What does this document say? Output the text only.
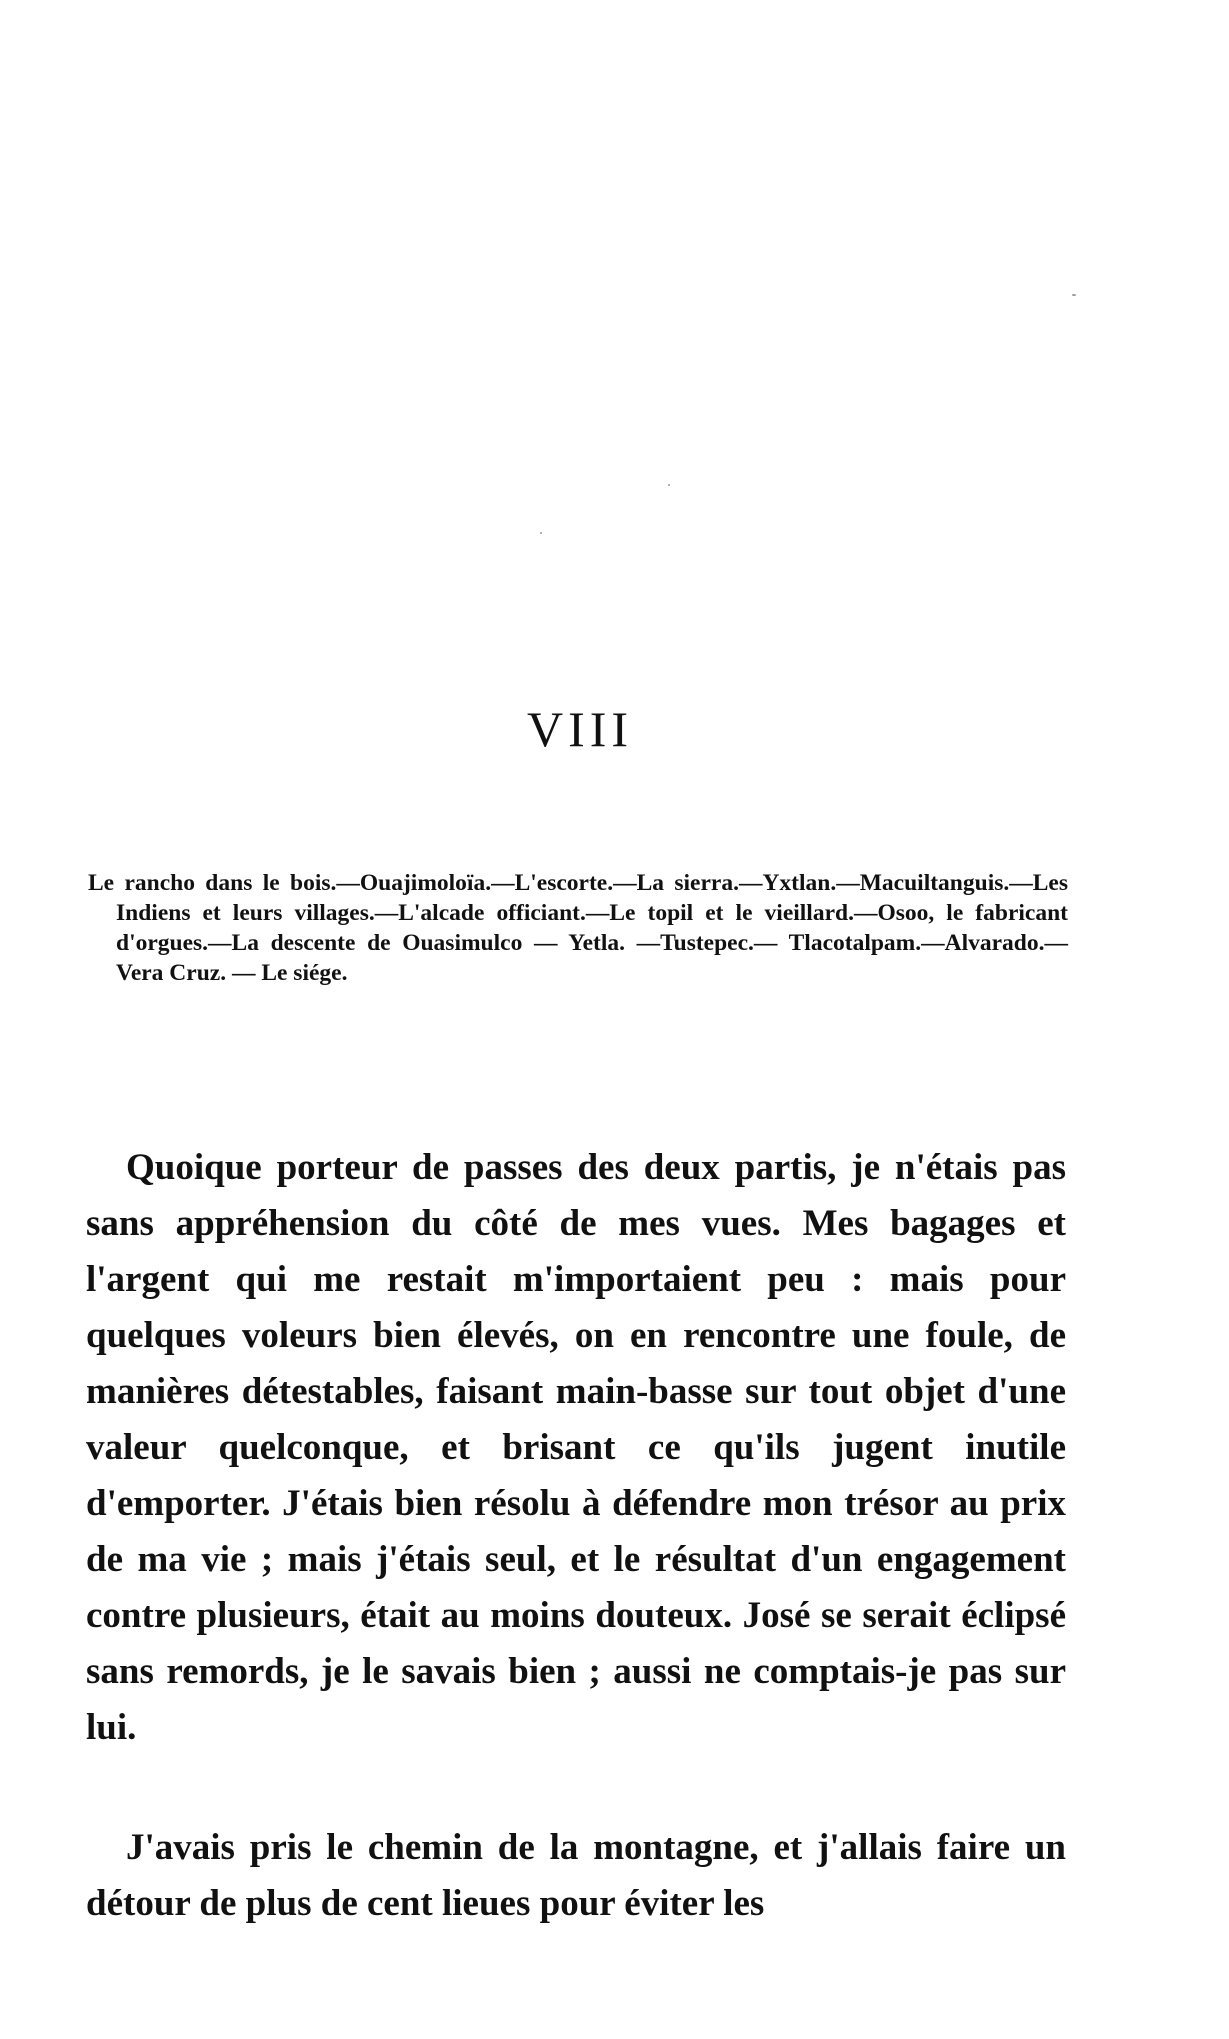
VIII
Le rancho dans le bois.—Ouajimoloïa.—L'escorte.—La sierra.—Yxtlan.—Macuiltanguis.—Les Indiens et leurs villages.—L'alcade officiant.—Le topil et le vieillard.—Osoo, le fabricant d'orgues.—La descente de Ouasimulco — Yetla. —Tustepec.— Tlacotalpam.—Alvarado.—Vera Cruz. — Le siége.

Quoique porteur de passes des deux partis, je n'étais pas sans appréhension du côté de mes vues. Mes bagages et l'argent qui me restait m'importaient peu : mais pour quelques voleurs bien élevés, on en rencontre une foule, de manières détestables, faisant main-basse sur tout objet d'une valeur quelconque, et brisant ce qu'ils jugent inutile d'emporter. J'étais bien résolu à défendre mon trésor au prix de ma vie ; mais j'étais seul, et le résultat d'un engagement contre plusieurs, était au moins douteux. José se serait éclipsé sans remords, je le savais bien ; aussi ne comptais-je pas sur lui.

J'avais pris le chemin de la montagne, et j'allais faire un détour de plus de cent lieues pour éviter les
